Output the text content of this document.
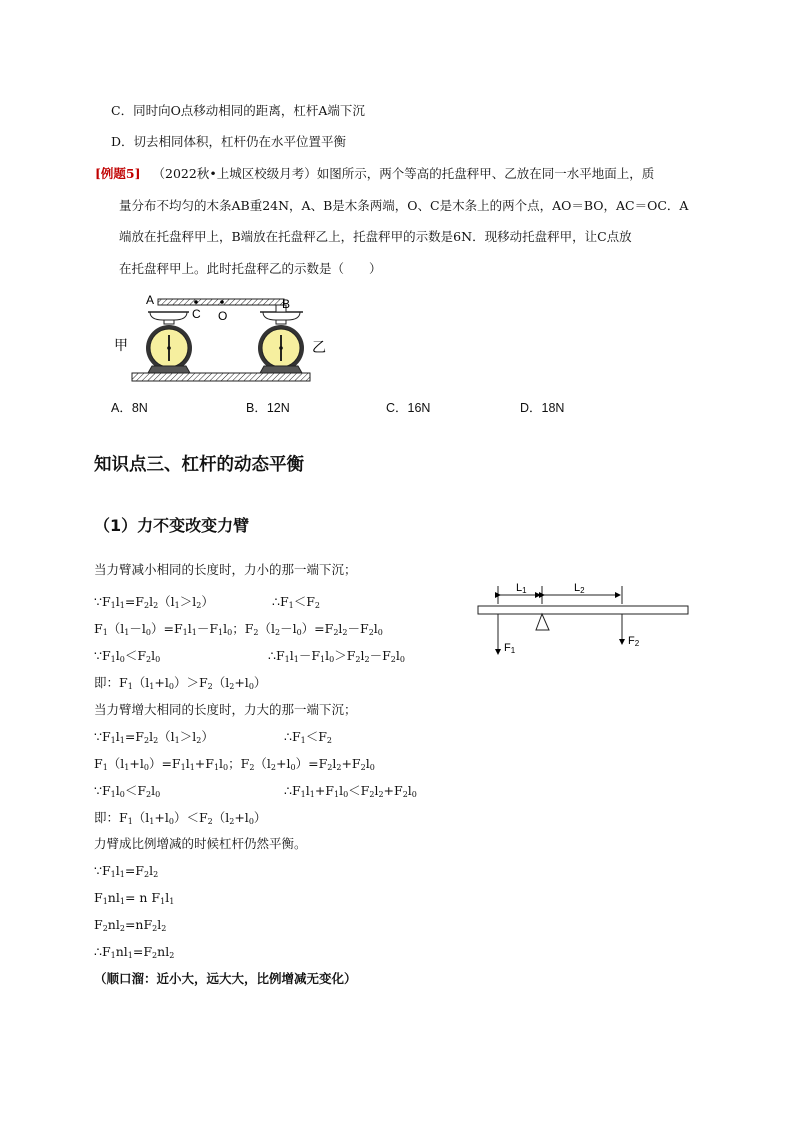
C．同时向O点移动相同的距离，杠杆A端下沉
D．切去相同体积，杠杆仍在水平位置平衡
[例题5] （2022秋•上城区校级月考）如图所示，两个等高的托盘秤甲、乙放在同一水平地面上，质
量分布不均匀的木条AB重24N，A、B是木条两端，O、C是木条上的两个点，AO＝BO，AC＝OC．A
端放在托盘秤甲上，B端放在托盘秤乙上，托盘秤甲的示数是6N．现移动托盘秤甲，让C点放
在托盘秤甲上。此时托盘秤乙的示数是（　　）
A	B
C O
甲	乙
A．8N	B．12N	C．16N	D．18N
知识点三、杠杆的动态平衡
（1）力不变改变力臂
L1	L2
F1
F2
当力臂减小相同的长度时，力小的那一端下沉；
$\because F_1l_1=F_2l_2(l_1>l_2)$	$\therefore F_1<F_2$
$F_1(l_1-l_0)=F_1l_1-F_1l_0$；$F_2(l_2-l_0)=F_2l_2-F_2l_0$
$\because F_1l_0<F_2l_0$	$\therefore F_1l_1-F_1l_0>F_2l_2-F_2l_0$
即：$F_1(l_1+l_0)>F_2(l_2+l_0)$
当力臂增大相同的长度时，力大的那一端下沉；
$\because F_1l_1=F_2l_2(l_1>l_2)$	$\therefore F_1<F_2$
$F_1(l_1+l_0)=F_1l_1+F_1l_0$；$F_2(l_2+l_0)=F_2l_2+F_2l_0$
$\because F_1l_0<F_2l_0$	$\therefore F_1l_1+F_1l_0<F_2l_2+F_2l_0$
即：$F_1(l_1+l_0)<F_2(l_2+l_0)$
力臂成比例增减的时候杠杆仍然平衡。
$\because F_1l_1=F_2l_2$
$F_1nl_1= n$ $F_1l_1$
$F_2nl_2=nF_2l_2$
$\therefore F_1nl_1=F_2nl_2$
（顺口溜：近小大，远大大，比例增减无变化）
